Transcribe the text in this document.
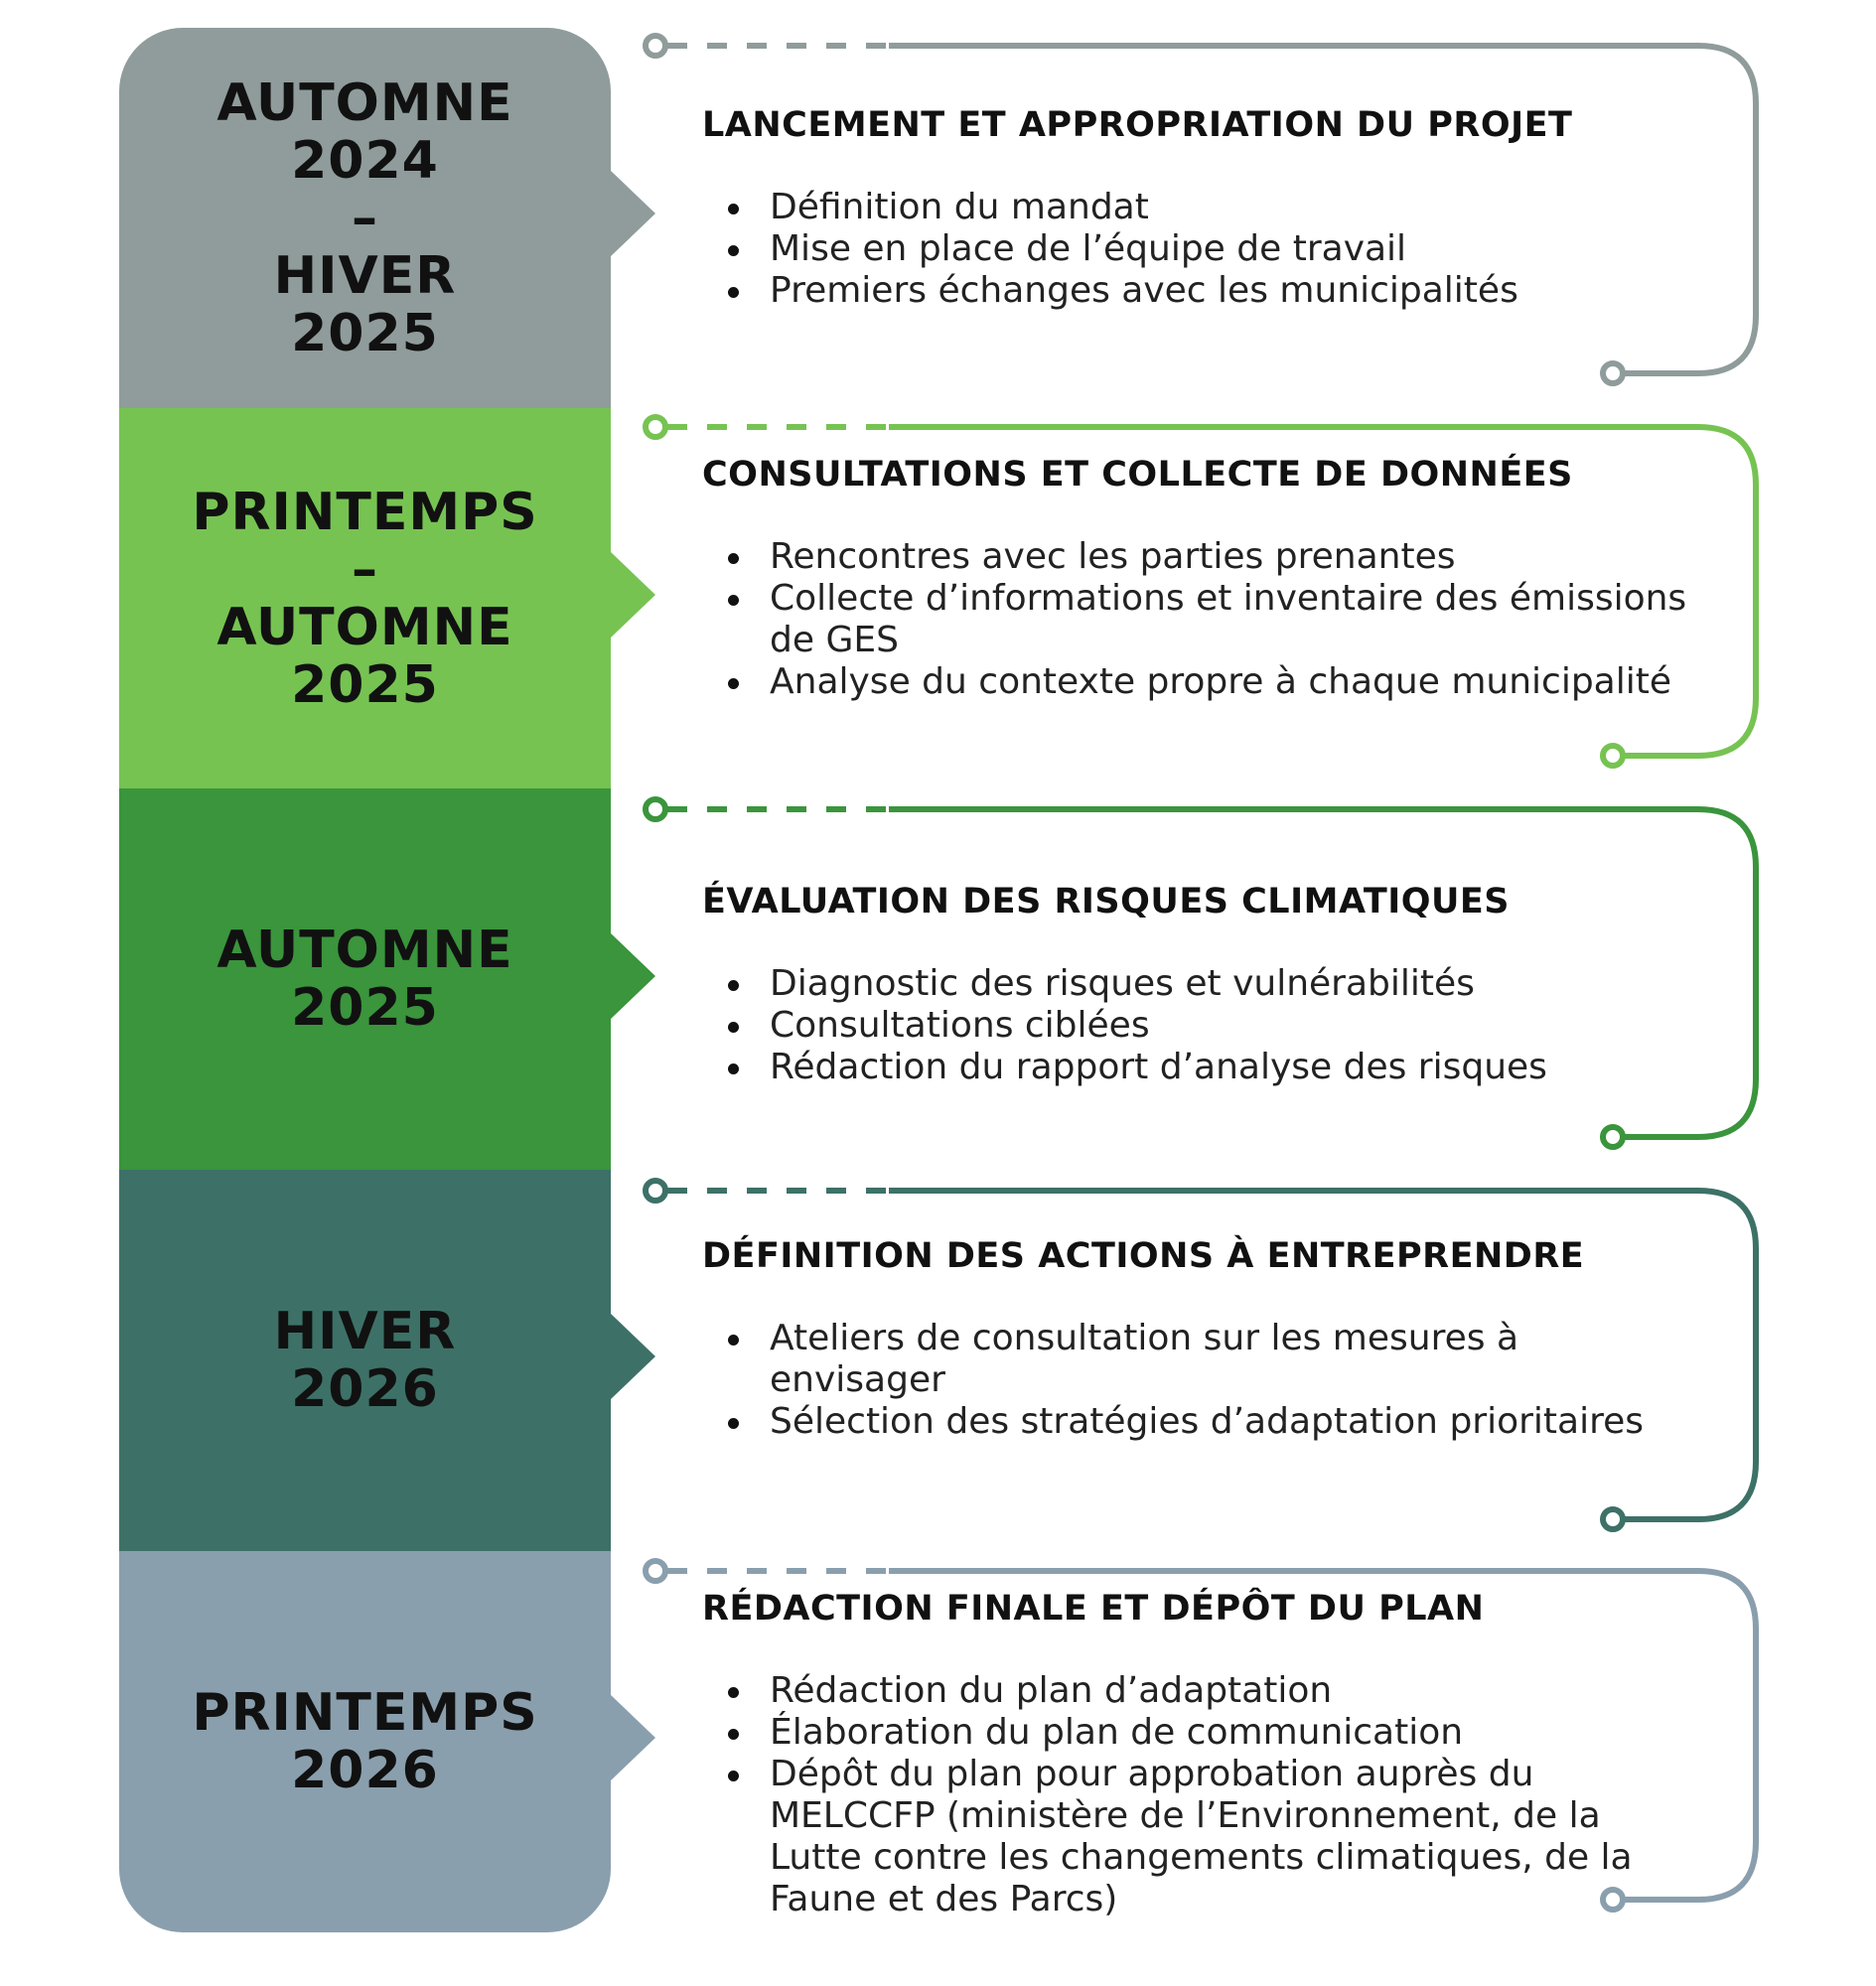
AUTOMNE
2024
–
HIVER
2025
PRINTEMPS
–
AUTOMNE
2025
AUTOMNE
2025
HIVER
2026
PRINTEMPS
2026
LANCEMENT ET APPROPRIATION DU PROJET
Définition du mandat
Mise en place de l’équipe de travail
Premiers échanges avec les municipalités
CONSULTATIONS ET COLLECTE DE DONNÉES
Rencontres avec les parties prenantes
Collecte d’informations et inventaire des émissions de GES
Analyse du contexte propre à chaque municipalité
ÉVALUATION DES RISQUES CLIMATIQUES
Diagnostic des risques et vulnérabilités
Consultations ciblées
Rédaction du rapport d’analyse des risques
DÉFINITION DES ACTIONS À ENTREPRENDRE
Ateliers de consultation sur les mesures à envisager
Sélection des stratégies d’adaptation prioritaires
RÉDACTION FINALE ET DÉPÔT DU PLAN
Rédaction du plan d’adaptation
Élaboration du plan de communication
Dépôt du plan pour approbation auprès du MELCCFP (ministère de l’Environnement, de la Lutte contre les changements climatiques, de la Faune et des Parcs)
